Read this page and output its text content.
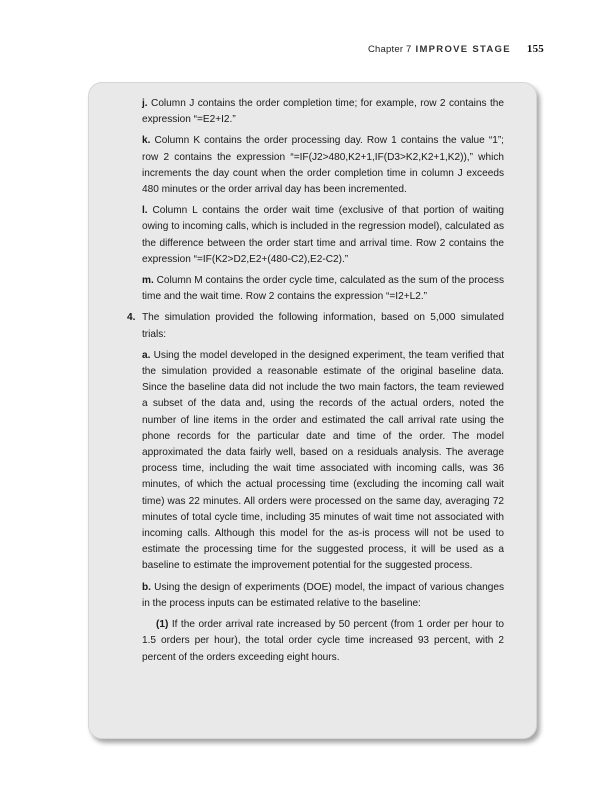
Chapter 7 IMPROVE STAGE 155

j. Column J contains the order completion time; for example, row 2 contains the expression “=E2+I2.”

k. Column K contains the order processing day. Row 1 contains the value “1”; row 2 contains the expression “=IF(J2>480,K2+1,IF(D3>K2,K2+1,K2)),” which increments the day count when the order completion time in column J exceeds 480 minutes or the order arrival day has been incremented.

l. Column L contains the order wait time (exclusive of that portion of waiting owing to incoming calls, which is included in the regression model), calculated as the difference between the order start time and arrival time. Row 2 contains the expression “=IF(K2>D2,E2+(480-C2),E2-C2).”

m. Column M contains the order cycle time, calculated as the sum of the process time and the wait time. Row 2 contains the expression “=I2+L2.”

4. The simulation provided the following information, based on 5,000 simulated trials:

a. Using the model developed in the designed experiment, the team verified that the simulation provided a reasonable estimate of the original baseline data. Since the baseline data did not include the two main factors, the team reviewed a subset of the data and, using the records of the actual orders, noted the number of line items in the order and estimated the call arrival rate using the phone records for the particular date and time of the order. The model approximated the data fairly well, based on a residuals analysis. The average process time, including the wait time associated with incoming calls, was 36 minutes, of which the actual processing time (excluding the incoming call wait time) was 22 minutes. All orders were processed on the same day, averaging 72 minutes of total cycle time, including 35 minutes of wait time not associated with incoming calls. Although this model for the as-is process will not be used to estimate the processing time for the suggested process, it will be used as a baseline to estimate the improvement potential for the suggested process.

b. Using the design of experiments (DOE) model, the impact of various changes in the process inputs can be estimated relative to the baseline:

(1) If the order arrival rate increased by 50 percent (from 1 order per hour to 1.5 orders per hour), the total order cycle time increased 93 percent, with 2 percent of the orders exceeding eight hours.
